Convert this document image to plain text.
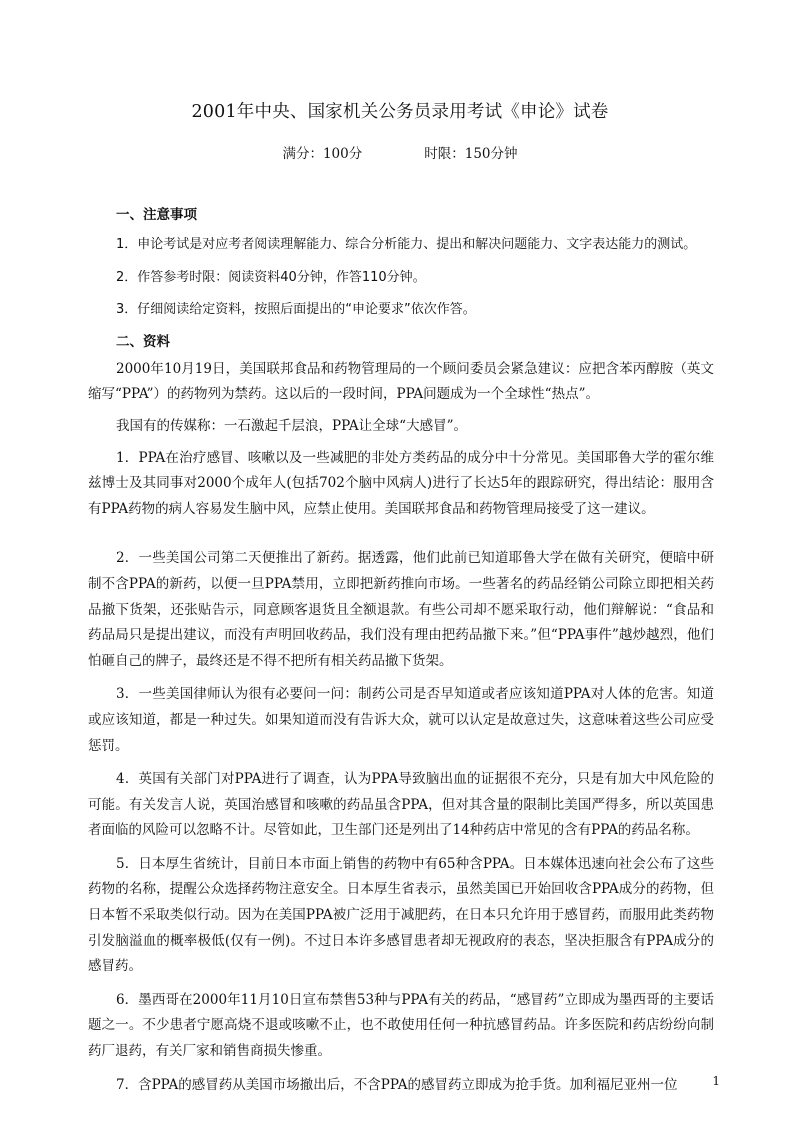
2001年中央、国家机关公务员录用考试《申论》试卷
满分：100分	时限：150分钟
一、注意事项

1．申论考试是对应考者阅读理解能力、综合分析能力、提出和解决问题能力、文字表达能力的测试。

2．作答参考时限：阅读资料40分钟，作答110分钟。

3．仔细阅读给定资料，按照后面提出的“申论要求”依次作答。

二、资料

2000年10月19日，美国联邦食品和药物管理局的一个顾问委员会紧急建议：应把含苯丙醇胺（英文缩写“PPA”）的药物列为禁药。这以后的一段时间，PPA问题成为一个全球性“热点”。

我国有的传媒称：一石激起千层浪，PPA让全球“大感冒”。

1．PPA在治疗感冒、咳嗽以及一些减肥的非处方类药品的成分中十分常见。美国耶鲁大学的霍尔维兹博士及其同事对2000个成年人(包括702个脑中风病人)进行了长达5年的跟踪研究，得出结论：服用含有PPA药物的病人容易发生脑中风，应禁止使用。美国联邦食品和药物管理局接受了这一建议。

2．一些美国公司第二天便推出了新药。据透露，他们此前已知道耶鲁大学在做有关研究，便暗中研制不含PPA的新药，以便一旦PPA禁用，立即把新药推向市场。一些著名的药品经销公司除立即把相关药品撤下货架，还张贴告示，同意顾客退货且全额退款。有些公司却不愿采取行动，他们辩解说：“食品和药品局只是提出建议，而没有声明回收药品，我们没有理由把药品撤下来。”但“PPA事件”越炒越烈，他们怕砸自己的牌子，最终还是不得不把所有相关药品撤下货架。

3．一些美国律师认为很有必要问一问：制药公司是否早知道或者应该知道PPA对人体的危害。知道或应该知道，都是一种过失。如果知道而没有告诉大众，就可以认定是故意过失，这意味着这些公司应受惩罚。

4．英国有关部门对PPA进行了调查，认为PPA导致脑出血的证据很不充分，只是有加大中风危险的可能。有关发言人说，英国治感冒和咳嗽的药品虽含PPA，但对其含量的限制比美国严得多，所以英国患者面临的风险可以忽略不计。尽管如此，卫生部门还是列出了14种药店中常见的含有PPA的药品名称。

5．日本厚生省统计，目前日本市面上销售的药物中有65种含PPA。日本媒体迅速向社会公布了这些药物的名称，提醒公众选择药物注意安全。日本厚生省表示，虽然美国已开始回收含PPA成分的药物，但日本暂不采取类似行动。因为在美国PPA被广泛用于减肥药，在日本只允许用于感冒药，而服用此类药物引发脑溢血的概率极低(仅有一例)。不过日本许多感冒患者却无视政府的表态，坚决拒服含有PPA成分的感冒药。

6．墨西哥在2000年11月10日宣布禁售53种与PPA有关的药品，“感冒药”立即成为墨西哥的主要话题之一。不少患者宁愿高烧不退或咳嗽不止，也不敢使用任何一种抗感冒药品。许多医院和药店纷纷向制药厂退药，有关厂家和销售商损失惨重。

7．含PPA的感冒药从美国市场撤出后，不含PPA的感冒药立即成为抢手货。加利福尼亚州一位	1
